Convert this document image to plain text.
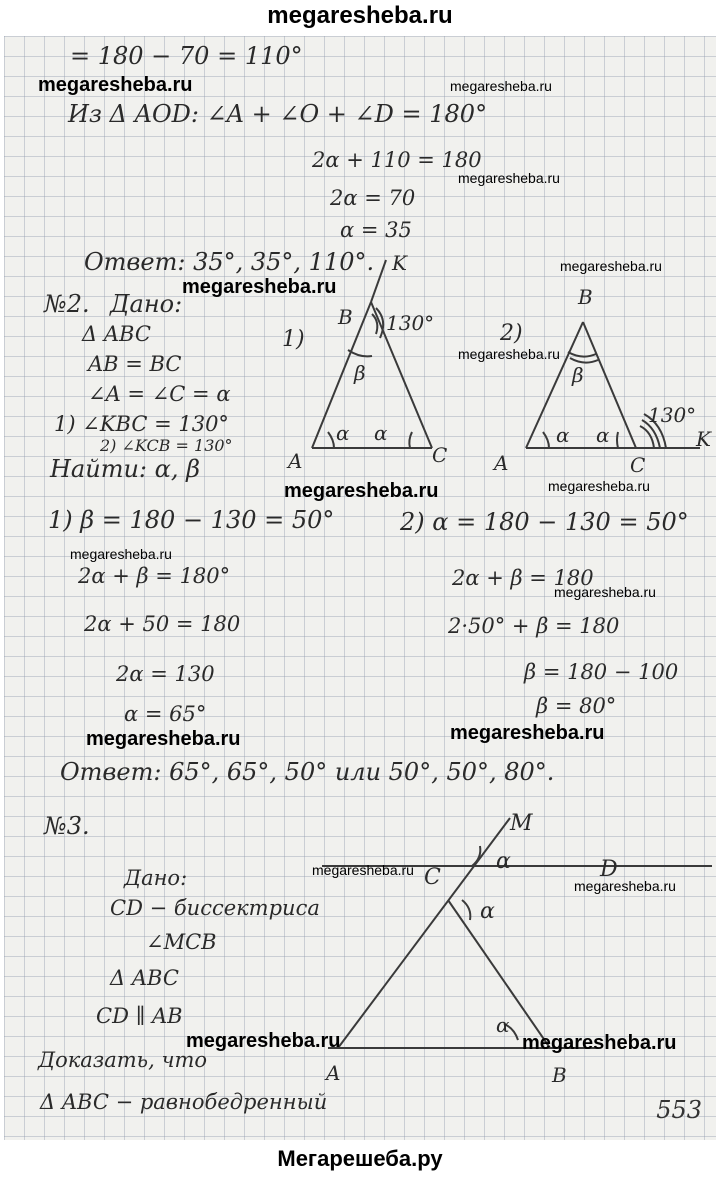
megaresheba.ru
= 180 − 70 = 110°
Из Δ AOD: ∠A + ∠O + ∠D = 180°
2α + 110 = 180
2α = 70
α = 35
Ответ: 35°, 35°, 110°.
№2. Дано:
Δ ABC
AB = BC
∠A = ∠C = α
1) ∠KBC = 130°
2) ∠KCB = 130°
Найти: α, β
1)
B
A	C
K
130°
β
α α
2)
B
A	C
K
130°
β
α α
M
C	D
A	B
α
α
α
1) β = 180 − 130 = 50°
2α + β = 180°
2α + 50 = 180
2α = 130
α = 65°
2) α = 180 − 130 = 50°
2α + β = 180
2·50° + β = 180
β = 180 − 100
β = 80°
Ответ: 65°, 65°, 50° или 50°, 50°, 80°.
№3.
Дано:
CD − биссектриса
∠MCB
Δ ABC
CD ∥ AB
Доказать, что
Δ ABC − равнобедренный	553
megaresheba.ru	megaresheba.ru
megaresheba.ru
megaresheba.ru
megaresheba.ru
megaresheba.ru
megaresheba.ru	megaresheba.ru
megaresheba.ru
megaresheba.ru
megaresheba.ru	megaresheba.ru
megaresheba.ru
megaresheba.ru
megaresheba.ru	megaresheba.ru
Мегарешеба.ру
